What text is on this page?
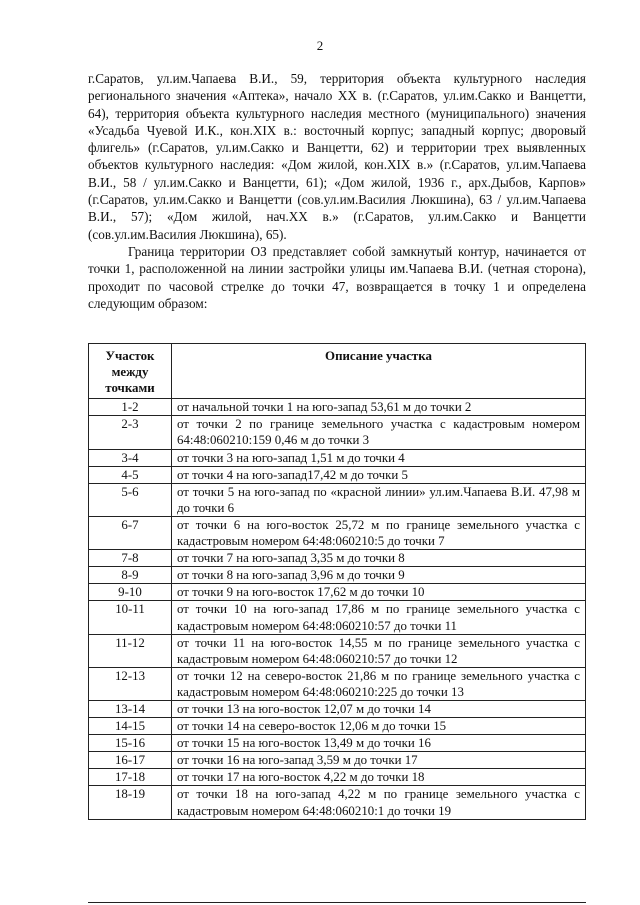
2

г.Саратов, ул.им.Чапаева В.И., 59, территория объекта культурного наследия регионального значения «Аптека», начало XX в. (г.Саратов, ул.им.Сакко и Ванцетти, 64), территория объекта культурного наследия местного (муниципального) значения «Усадьба Чуевой И.К., кон.XIX в.: восточный корпус; западный корпус; дворовый флигель» (г.Саратов, ул.им.Сакко и Ванцетти, 62) и территории трех выявленных объектов культурного наследия: «Дом жилой, кон.XIX в.» (г.Саратов, ул.им.Чапаева В.И., 58 / ул.им.Сакко и Ванцетти, 61); «Дом жилой, 1936 г., арх.Дыбов, Карпов» (г.Саратов, ул.им.Сакко и Ванцетти (сов.ул.им.Василия Люкшина), 63 / ул.им.Чапаева В.И., 57); «Дом жилой, нач.XX в.» (г.Саратов, ул.им.Сакко и Ванцетти (сов.ул.им.Василия Люкшина), 65).

Граница территории ОЗ представляет собой замкнутый контур, начинается от точки 1, расположенной на линии застройки улицы им.Чапаева В.И. (четная сторона), проходит по часовой стрелке до точки 47, возвращается в точку 1 и определена следующим образом:

Участок между точками	Описание участка
1-2	от начальной точки 1 на юго-запад 53,61 м до точки 2
2-3	от точки 2 по границе земельного участка с кадастровым номером 64:48:060210:159 0,46 м до точки 3
3-4	от точки 3 на юго-запад 1,51 м до точки 4
4-5	от точки 4 на юго-запад17,42 м до точки 5
5-6	от точки 5 на юго-запад по «красной линии» ул.им.Чапаева В.И. 47,98 м до точки 6
6-7	от точки 6 на юго-восток 25,72 м по границе земельного участка с кадастровым номером 64:48:060210:5 до точки 7
7-8	от точки 7 на юго-запад 3,35 м до точки 8
8-9	от точки 8 на юго-запад 3,96 м до точки 9
9-10	от точки 9 на юго-восток 17,62 м до точки 10
10-11	от точки 10 на юго-запад 17,86 м по границе земельного участка с кадастровым номером 64:48:060210:57 до точки 11
11-12	от точки 11 на юго-восток 14,55 м по границе земельного участка с кадастровым номером 64:48:060210:57 до точки 12
12-13	от точки 12 на северо-восток 21,86 м по границе земельного участка с кадастровым номером 64:48:060210:225 до точки 13
13-14	от точки 13 на юго-восток 12,07 м до точки 14
14-15	от точки 14 на северо-восток 12,06 м до точки 15
15-16	от точки 15 на юго-восток 13,49 м до точки 16
16-17	от точки 16 на юго-запад 3,59 м до точки 17
17-18	от точки 17 на юго-восток 4,22 м до точки 18
18-19	от точки 18 на юго-запад 4,22 м по границе земельного участка с кадастровым номером 64:48:060210:1 до точки 19
